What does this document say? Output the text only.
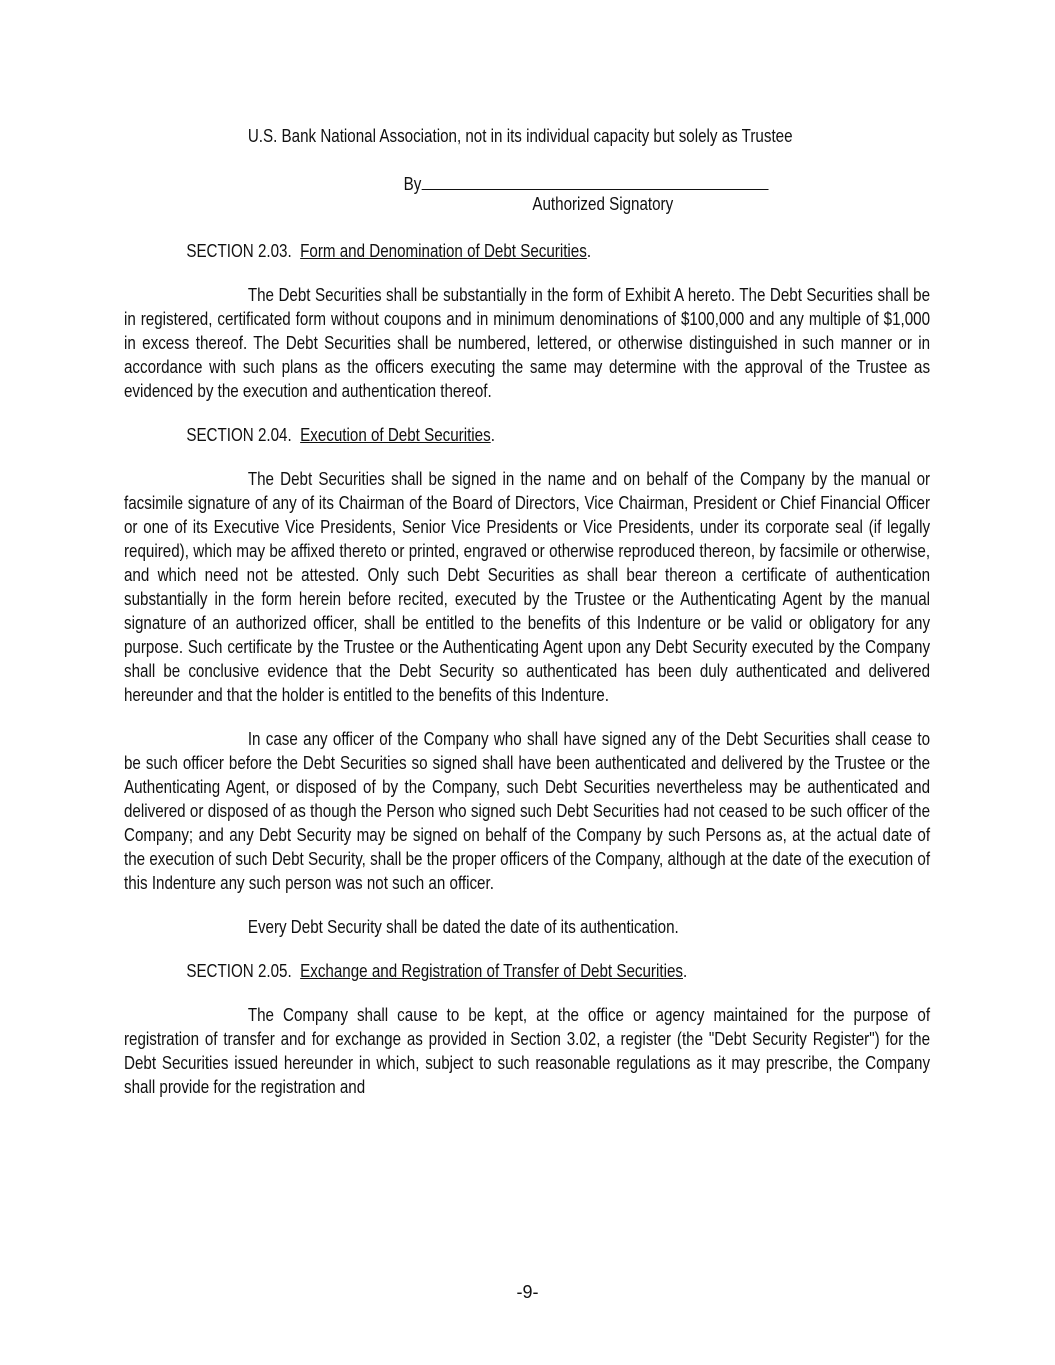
U.S. Bank National Association, not in its individual capacity but solely as Trustee

By
Authorized Signatory
SECTION 2.03. Form and Denomination of Debt Securities.

The Debt Securities shall be substantially in the form of Exhibit A hereto. The Debt Securities shall be in registered, certificated form without coupons and in minimum denominations of $100,000 and any multiple of $1,000 in excess thereof. The Debt Securities shall be numbered, lettered, or otherwise distinguished in such manner or in accordance with such plans as the officers executing the same may determine with the approval of the Trustee as evidenced by the execution and authentication thereof.

SECTION 2.04. Execution of Debt Securities.

The Debt Securities shall be signed in the name and on behalf of the Company by the manual or facsimile signature of any of its Chairman of the Board of Directors, Vice Chairman, President or Chief Financial Officer or one of its Executive Vice Presidents, Senior Vice Presidents or Vice Presidents, under its corporate seal (if legally required), which may be affixed thereto or printed, engraved or otherwise reproduced thereon, by facsimile or otherwise, and which need not be attested. Only such Debt Securities as shall bear thereon a certificate of authentication substantially in the form herein before recited, executed by the Trustee or the Authenticating Agent by the manual signature of an authorized officer, shall be entitled to the benefits of this Indenture or be valid or obligatory for any purpose. Such certificate by the Trustee or the Authenticating Agent upon any Debt Security executed by the Company shall be conclusive evidence that the Debt Security so authenticated has been duly authenticated and delivered hereunder and that the holder is entitled to the benefits of this Indenture.

In case any officer of the Company who shall have signed any of the Debt Securities shall cease to be such officer before the Debt Securities so signed shall have been authenticated and delivered by the Trustee or the Authenticating Agent, or disposed of by the Company, such Debt Securities nevertheless may be authenticated and delivered or disposed of as though the Person who signed such Debt Securities had not ceased to be such officer of the Company; and any Debt Security may be signed on behalf of the Company by such Persons as, at the actual date of the execution of such Debt Security, shall be the proper officers of the Company, although at the date of the execution of this Indenture any such person was not such an officer.

Every Debt Security shall be dated the date of its authentication.

SECTION 2.05. Exchange and Registration of Transfer of Debt Securities.

The Company shall cause to be kept, at the office or agency maintained for the purpose of registration of transfer and for exchange as provided in Section 3.02, a register (the "Debt Security Register") for the Debt Securities issued hereunder in which, subject to such reasonable regulations as it may prescribe, the Company shall provide for the registration and

-9-
